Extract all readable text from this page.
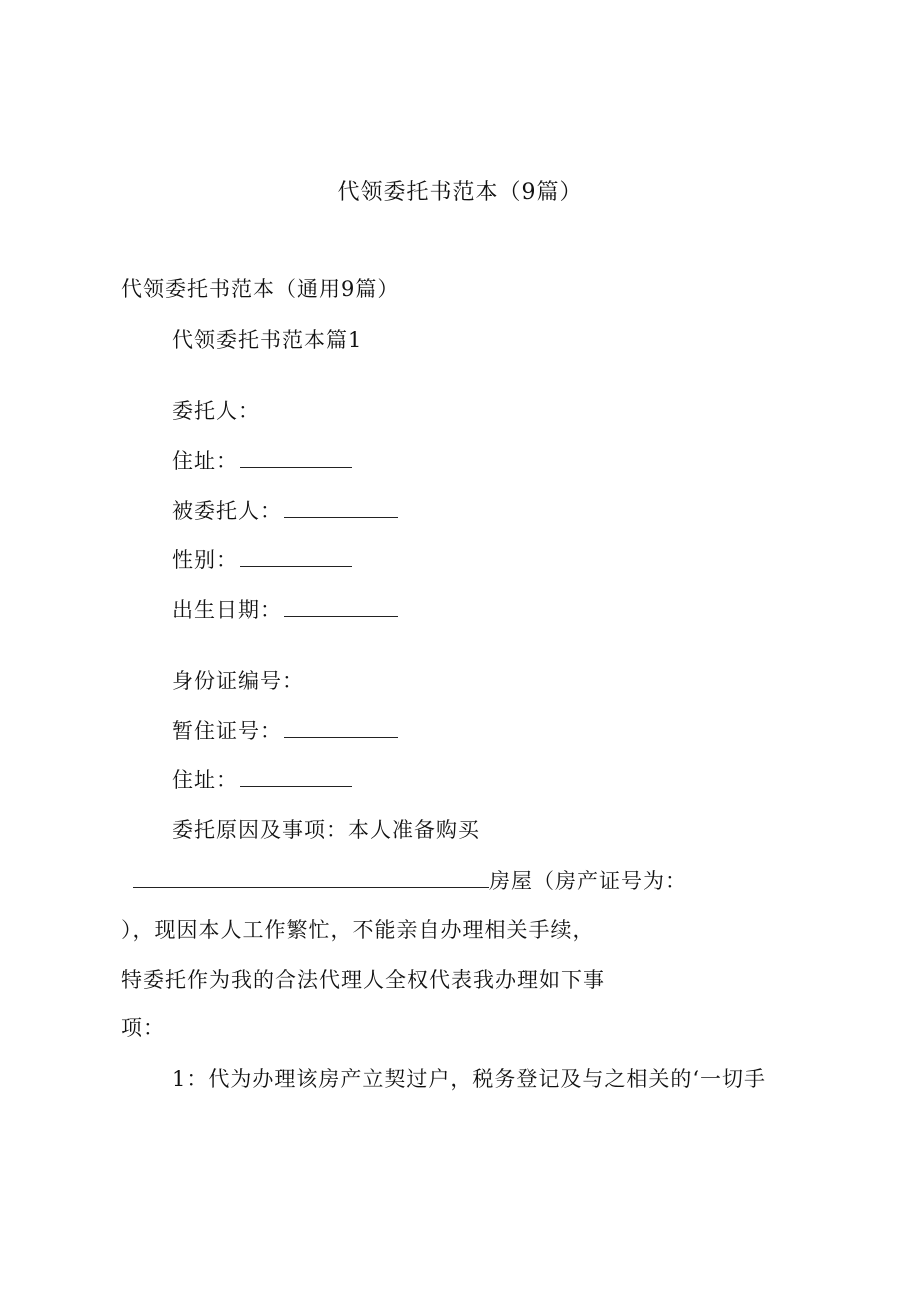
代领委托书范本（9篇）
代领委托书范本（通用9篇）
代领委托书范本篇1
委托人：
住址：
被委托人：
性别：
出生日期：
身份证编号：
暂住证号：
住址：
委托原因及事项：本人准备购买
房屋（房产证号为：
），现因本人工作繁忙，不能亲自办理相关手续，
特委托作为我的合法代理人全权代表我办理如下事
项：
1：代为办理该房产立契过户，税务登记及与之相关的‘一切手
